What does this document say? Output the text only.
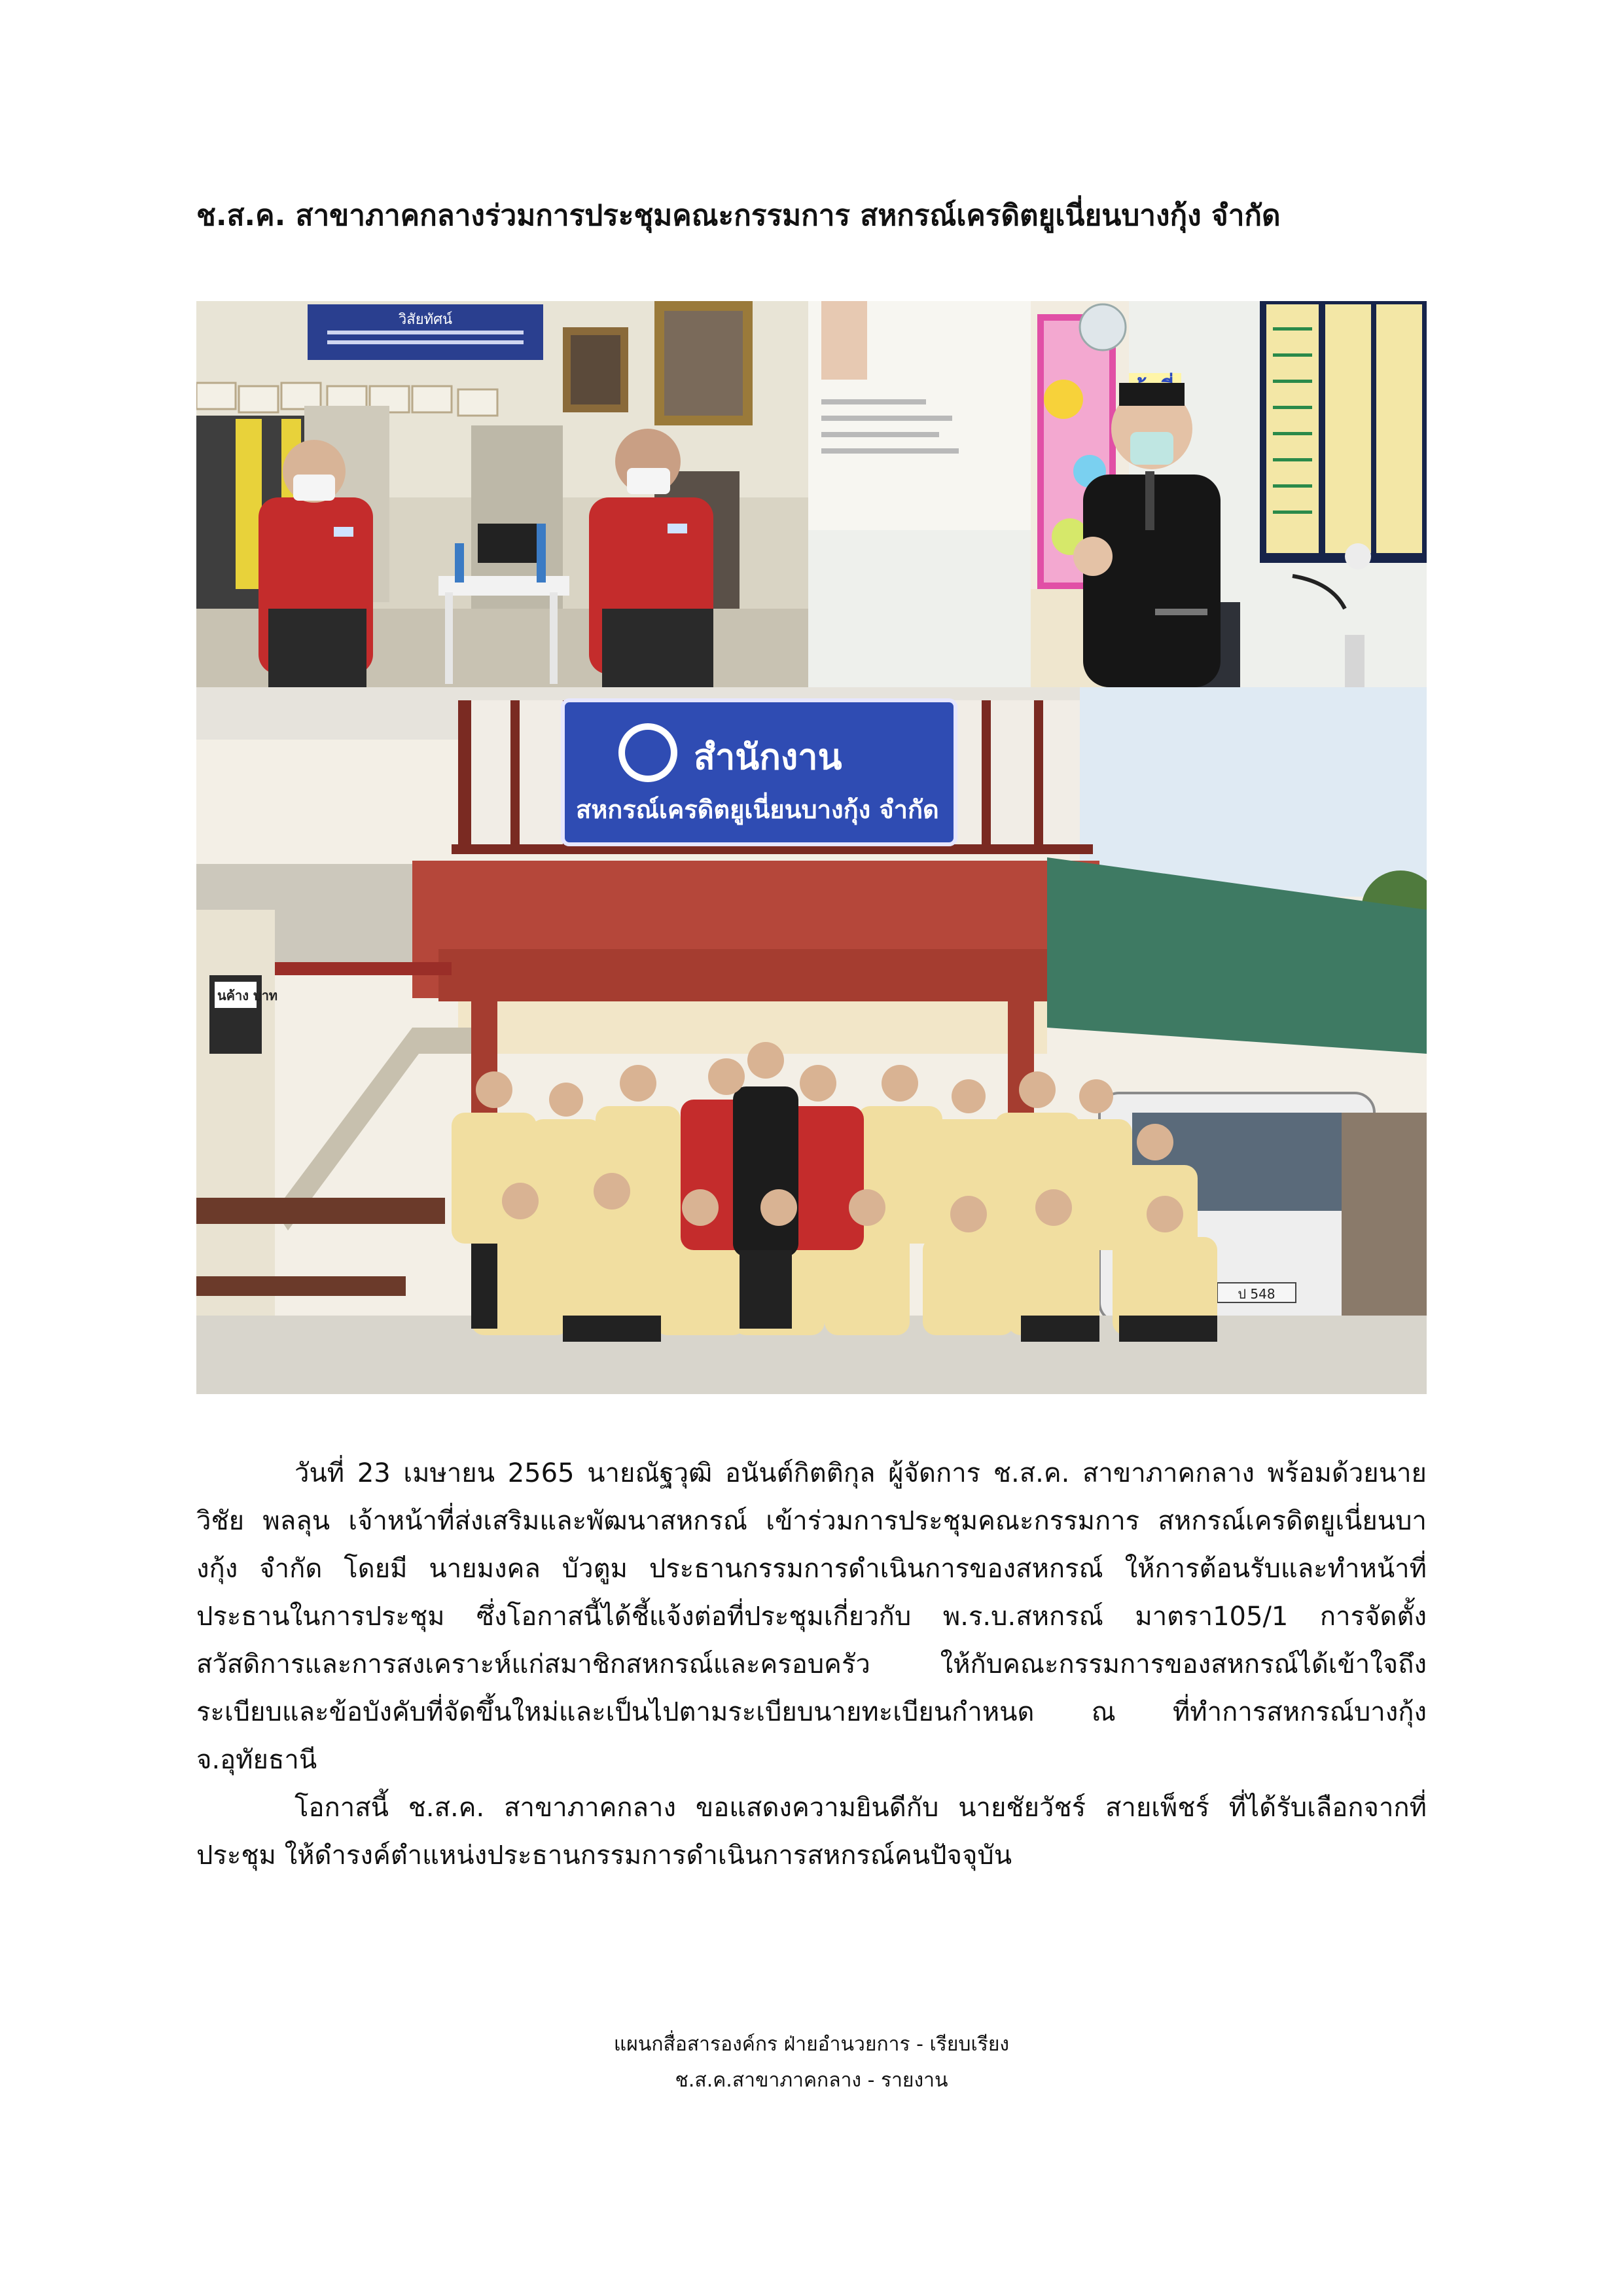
ช.ส.ค. สาขาภาคกลางร่วมการประชุมคณะกรรมการ สหกรณ์เครดิตยูเนี่ยนบางกุ้ง จำกัด
วิสัยทัศน์
สำนักงาน
สหกรณ์เครดิตยูเนี่ยนบางกุ้ง จำกัด
นค้าง บาท
ป 548

วันที่ 23 เมษายน 2565 นายณัฐวุฒิ อนันต์กิตติกุล ผู้จัดการ ช.ส.ค. สาขาภาคกลาง พร้อมด้วยนายวิชัย พลลุน เจ้าหน้าที่ส่งเสริมและพัฒนาสหกรณ์ เข้าร่วมการประชุมคณะกรรมการ สหกรณ์เครดิตยูเนี่ยนบางกุ้ง จำกัด โดยมี นายมงคล บัวตูม ประธานกรรมการดำเนินการของสหกรณ์ ให้การต้อนรับและทำหน้าที่ประธานในการประชุม ซึ่งโอกาสนี้ได้ชี้แจ้งต่อที่ประชุมเกี่ยวกับ พ.ร.บ.สหกรณ์ มาตรา105/1 การจัดตั้งสวัสดิการและการสงเคราะห์แก่สมาชิกสหกรณ์และครอบครัว ให้กับคณะกรรมการของสหกรณ์ได้เข้าใจถึงระเบียบและข้อบังคับที่จัดขึ้นใหม่และเป็นไปตามระเบียบนายทะเบียนกำหนด ณ ที่ทำการสหกรณ์บางกุ้ง จ.อุทัยธานี

โอกาสนี้ ช.ส.ค. สาขาภาคกลาง ขอแสดงความยินดีกับ นายชัยวัชร์ สายเพ็ชร์ ที่ได้รับเลือกจากที่ประชุม ให้ดำรงค์ตำแหน่งประธานกรรมการดำเนินการสหกรณ์คนปัจจุบัน

แผนกสื่อสารองค์กร ฝ่ายอำนวยการ - เรียบเรียง
ช.ส.ค.สาขาภาคกลาง - รายงาน
